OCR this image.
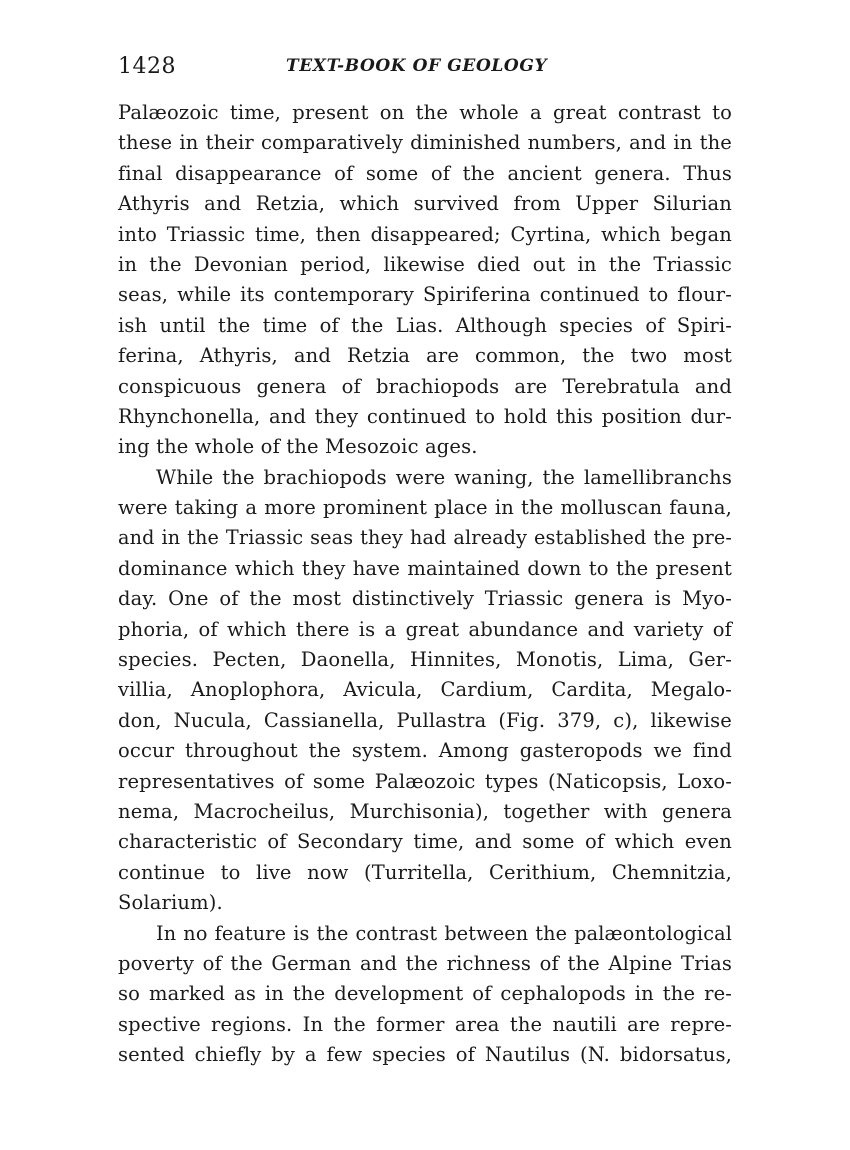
1428	TEXT-BOOK OF GEOLOGY
Palæozoic time, present on the whole a great contrast to
these in their comparatively diminished numbers, and in the
final disappearance of some of the ancient genera. Thus
Athyris and Retzia, which survived from Upper Silurian
into Triassic time, then disappeared; Cyrtina, which began
in the Devonian period, likewise died out in the Triassic
seas, while its contemporary Spiriferina continued to flour-
ish until the time of the Lias. Although species of Spiri-
ferina, Athyris, and Retzia are common, the two most
conspicuous genera of brachiopods are Terebratula and
Rhynchonella, and they continued to hold this position dur-
ing the whole of the Mesozoic ages.
While the brachiopods were waning, the lamellibranchs
were taking a more prominent place in the molluscan fauna,
and in the Triassic seas they had already established the pre-
dominance which they have maintained down to the present
day. One of the most distinctively Triassic genera is Myo-
phoria, of which there is a great abundance and variety of
species. Pecten, Daonella, Hinnites, Monotis, Lima, Ger-
villia, Anoplophora, Avicula, Cardium, Cardita, Megalo-
don, Nucula, Cassianella, Pullastra (Fig. 379, c), likewise
occur throughout the system. Among gasteropods we find
representatives of some Palæozoic types (Naticopsis, Loxo-
nema, Macrocheilus, Murchisonia), together with genera
characteristic of Secondary time, and some of which even
continue to live now (Turritella, Cerithium, Chemnitzia,
Solarium).
In no feature is the contrast between the palæontological
poverty of the German and the richness of the Alpine Trias
so marked as in the development of cephalopods in the re-
spective regions. In the former area the nautili are repre-
sented chiefly by a few species of Nautilus (N. bidorsatus,
